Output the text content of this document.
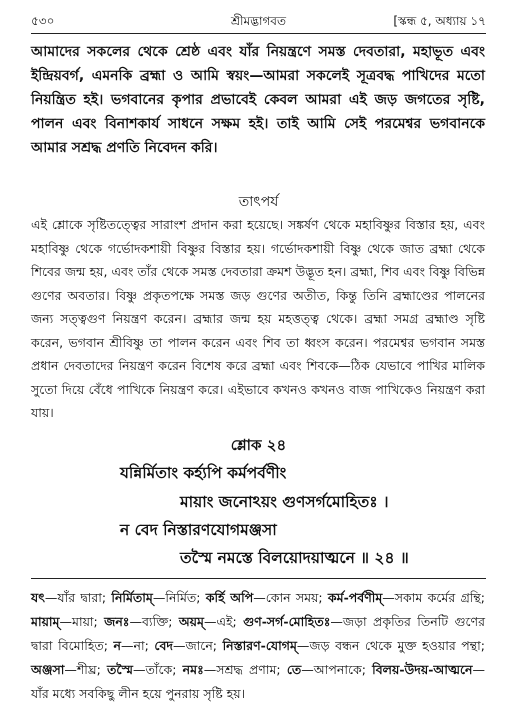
৫৩০	শ্রীমদ্ভাগবত	[স্কন্ধ ৫, অধ্যায় ১৭
আমাদের সকলের থেকে শ্রেষ্ঠ এবং যাঁর নিয়ন্ত্রণে সমস্ত দেবতারা, মহাভূত এবং ইন্দ্রিয়বর্গ, এমনকি ব্রহ্মা ও আমি স্বয়ং—আমরা সকলেই সূত্রবদ্ধ পাখিদের মতো নিয়ন্ত্রিত হই। ভগবানের কৃপার প্রভাবেই কেবল আমরা এই জড় জগতের সৃষ্টি, পালন এবং বিনাশকার্য সাধনে সক্ষম হই। তাই আমি সেই পরমেশ্বর ভগবানকে আমার সশ্রদ্ধ প্রণতি নিবেদন করি।
তাৎপর্য
এই শ্লোকে সৃষ্টিতত্ত্বের সারাংশ প্রদান করা হয়েছে। সঙ্কর্ষণ থেকে মহাবিষ্ণুর বিস্তার হয়, এবং মহাবিষ্ণু থেকে গর্ভোদকশায়ী বিষ্ণুর বিস্তার হয়। গর্ভোদকশায়ী বিষ্ণু থেকে জাত ব্রহ্মা থেকে শিবের জন্ম হয়, এবং তাঁর থেকে সমস্ত দেবতারা ক্রমশ উদ্ভূত হন। ব্রহ্মা, শিব এবং বিষ্ণু বিভিন্ন গুণের অবতার। বিষ্ণু প্রকৃতপক্ষে সমস্ত জড় গুণের অতীত, কিন্তু তিনি ব্রহ্মাণ্ডের পালনের জন্য সত্ত্বগুণ নিয়ন্ত্রণ করেন। ব্রহ্মার জন্ম হয় মহত্তত্ত্ব থেকে। ব্রহ্মা সমগ্র ব্রহ্মাণ্ড সৃষ্টি করেন, ভগবান শ্রীবিষ্ণু তা পালন করেন এবং শিব তা ধ্বংস করেন। পরমেশ্বর ভগবান সমস্ত প্রধান দেবতাদের নিয়ন্ত্রণ করেন বিশেষ করে ব্রহ্মা এবং শিবকে—ঠিক যেভাবে পাখির মালিক সুতো দিয়ে বেঁধে পাখিকে নিয়ন্ত্রণ করে। এইভাবে কখনও কখনও বাজ পাখিকেও নিয়ন্ত্রণ করা যায়।
শ্লোক ২৪
যন্নির্মিতাং কর্হ্যপি কর্মপর্বণীং
মায়াং জনোঽয়ং গুণসর্গমোহিতঃ ।
ন বেদ নিস্তারণযোগমঞ্জসা
তস্মৈ নমস্তে বিলয়োদয়াত্মনে ॥ ২৪ ॥
যৎ—যাঁর দ্বারা; নির্মিতাম্—নির্মিত; কর্হি অপি—কোন সময়; কর্ম-পর্বণীম্—সকাম কর্মের গ্রন্থি; মায়াম্—মায়া; জনঃ—ব্যক্তি; অয়ম্—এই; গুণ-সর্গ-মোহিতঃ—জড়া প্রকৃতির তিনটি গুণের দ্বারা বিমোহিত; ন—না; বেদ—জানে; নিস্তারণ-যোগম্—জড় বন্ধন থেকে মুক্ত হওয়ার পন্থা; অঞ্জসা—শীঘ্র; তস্মৈ—তাঁকে; নমঃ—সশ্রদ্ধ প্রণাম; তে—আপনাকে; বিলয়-উদয়-আত্মনে—যাঁর মধ্যে সবকিছু লীন হয়ে পুনরায় সৃষ্টি হয়।
